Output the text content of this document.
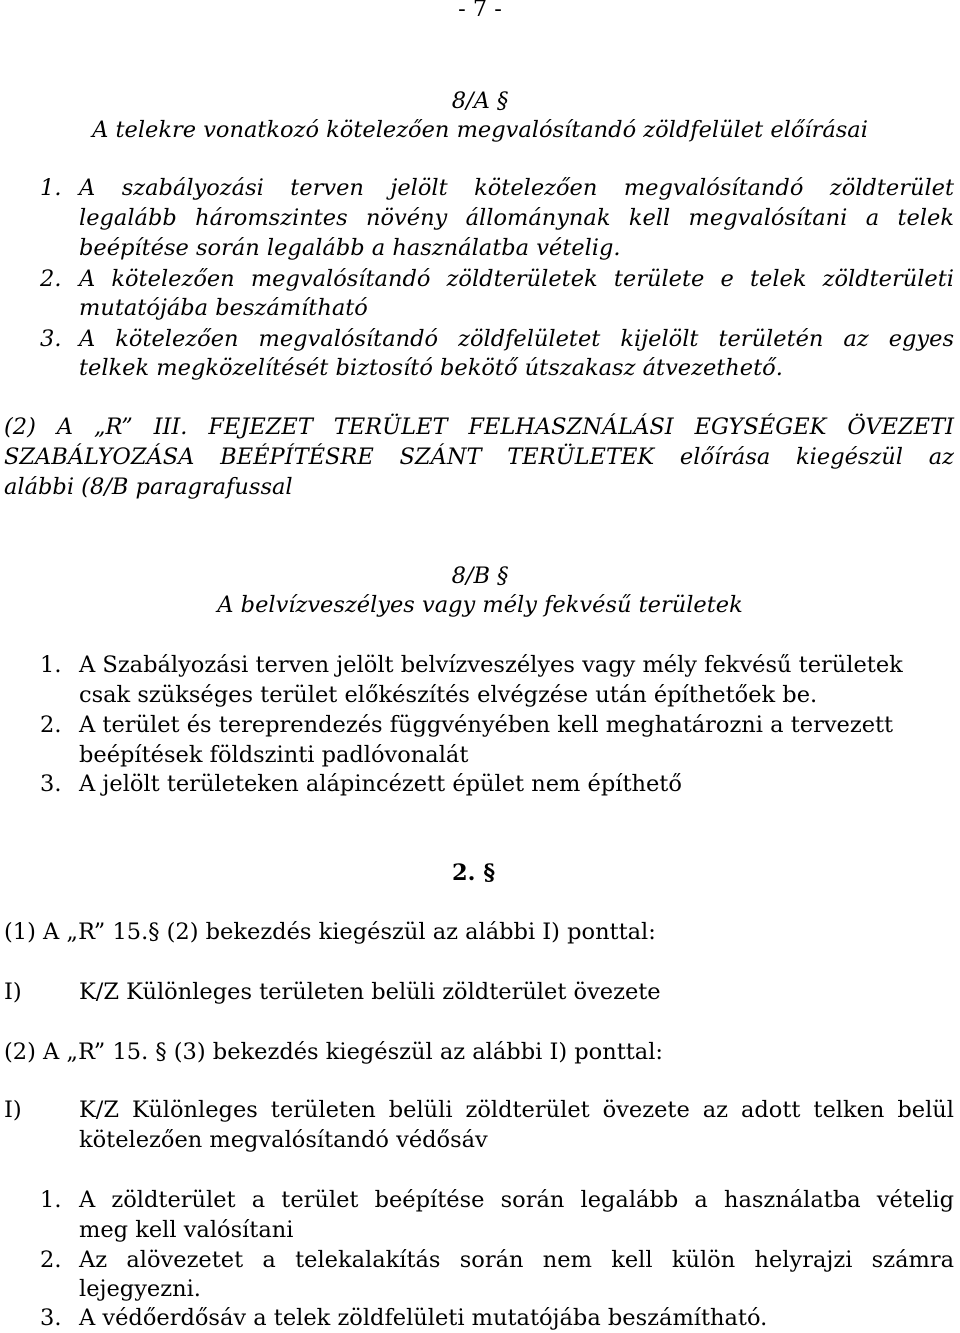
- 7 -
8/A §
A telekre vonatkozó kötelezően megvalósítandó zöldfelület előírásai
1. A szabályozási terven jelölt kötelezően megvalósítandó zöldterület
legalább háromszintes növény állománynak kell megvalósítani a telek
beépítése során legalább a használatba vételig.
2. A kötelezően megvalósítandó zöldterületek területe e telek zöldterületi
mutatójába beszámítható
3. A kötelezően megvalósítandó zöldfelületet kijelölt területén az egyes
telkek megközelítését biztosító bekötő útszakasz átvezethető.
(2) A „R” III. FEJEZET TERÜLET FELHASZNÁLÁSI EGYSÉGEK ÖVEZETI
SZABÁLYOZÁSA BEÉPÍTÉSRE SZÁNT TERÜLETEK előírása kiegészül az
alábbi (8/B paragrafussal
8/B §
A belvízveszélyes vagy mély fekvésű területek
1. A Szabályozási terven jelölt belvízveszélyes vagy mély fekvésű területek
csak szükséges terület előkészítés elvégzése után építhetőek be.
2. A terület és tereprendezés függvényében kell meghatározni a tervezett
beépítések földszinti padlóvonalát
3. A jelölt területeken alápincézett épület nem építhető
2. §
(1) A „R” 15.§ (2) bekezdés kiegészül az alábbi I) ponttal:
I)	K/Z Különleges területen belüli zöldterület övezete
(2) A „R” 15. § (3) bekezdés kiegészül az alábbi I) ponttal:
I)	K/Z Különleges területen belüli zöldterület övezete az adott telken belül
kötelezően megvalósítandó védősáv
1. A zöldterület a terület beépítése során legalább a használatba vételig
meg kell valósítani
2. Az alövezetet a telekalakítás során nem kell külön helyrajzi számra
lejegyezni.
3. A védőerdősáv a telek zöldfelületi mutatójába beszámítható.
